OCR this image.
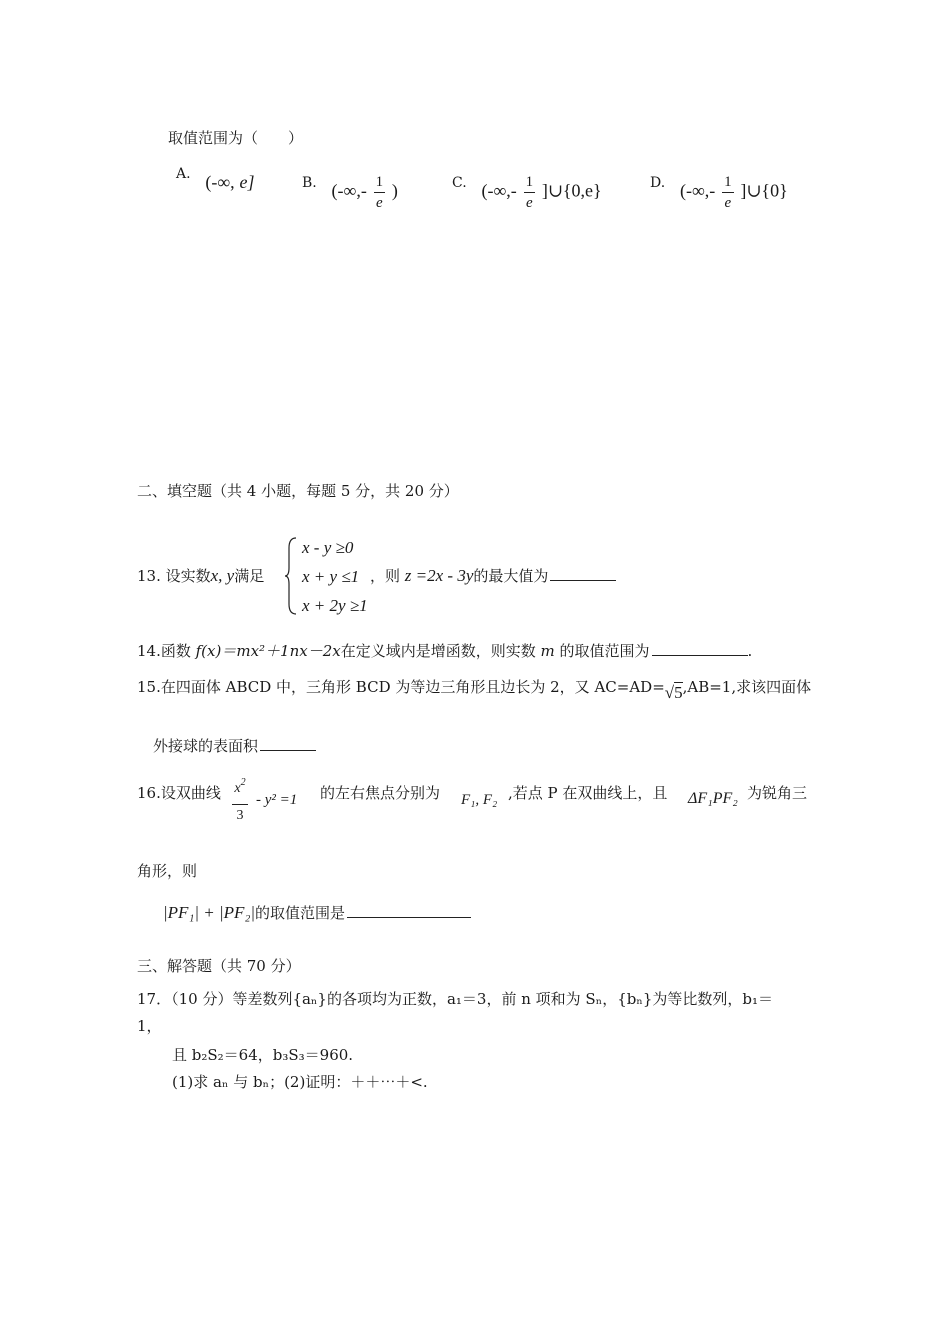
取值范围为（　　）
A. (-∞, e]	B. (-∞,- $\frac{1}{e}$ )	C. (-∞,- $\frac{1}{e}$ ]∪{0,e}	D. (-∞,- $\frac{1}{e}$ ]∪{0}
二、填空题（共 4 小题，每题 5 分，共 20 分）
13. 设实数x, y满足
x - y ≥0
x + y ≤1
x + 2y ≥1
，则 z =2x - 3y的最大值为
14.函数 f(x)＝mx²＋1nx－2x在定义域内是增函数，则实数 m 的取值范围为	.
15.在四面体 ABCD 中，三角形 BCD 为等边三角形且边长为 2，又 AC=AD=√5,AB=1,求该四面体
外接球的表面积
16.设双曲线 $x^2$
3
- y² =1 的左右焦点分别为 F₁, F₂ ,若点 P 在双曲线上，且 ΔF₁PF₂ 为锐角三
角形，则
|PF₁| + |PF₂|的取值范围是
三、解答题（共 70 分）
17．（10 分）等差数列{aₙ}的各项均为正数，a₁＝3，前 n 项和为 Sₙ，{bₙ}为等比数列，b₁＝
1，
且 b₂S₂＝64，b₃S₃＝960.
(1)求 aₙ 与 bₙ；(2)证明：＋＋⋯＋<.
